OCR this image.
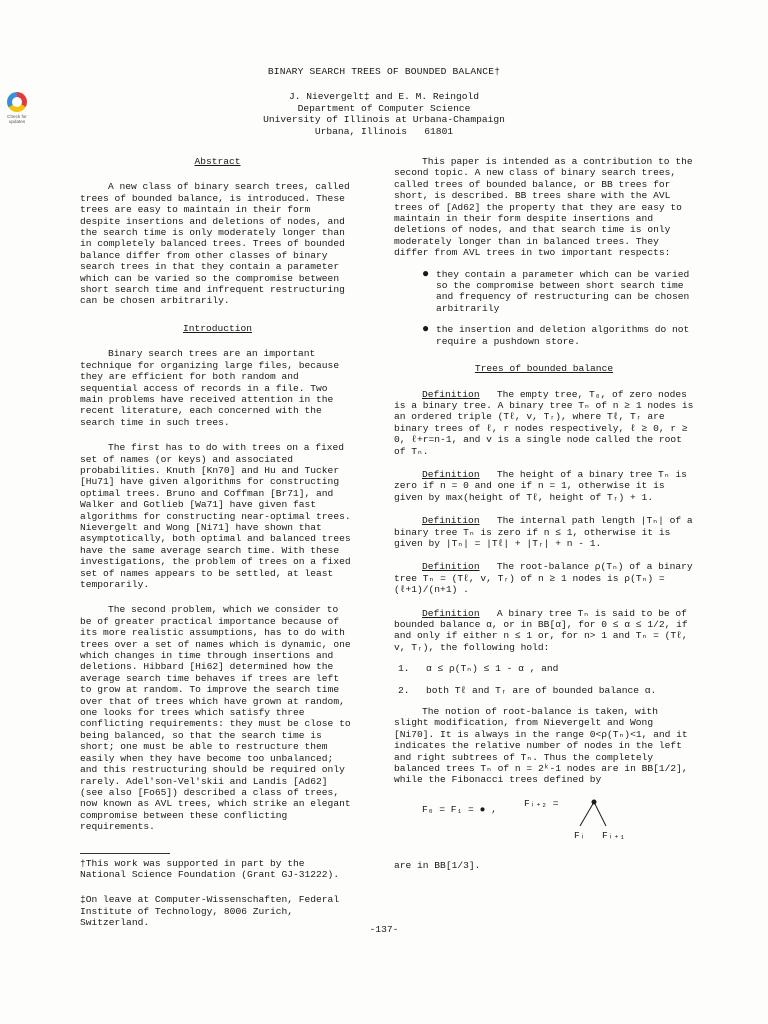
Check for updates
BINARY SEARCH TREES OF BOUNDED BALANCE†
J. Nievergelt‡ and E. M. Reingold
Department of Computer Science
University of Illinois at Urbana-Champaign
Urbana, Illinois   61801
Abstract

A new class of binary search trees, called trees of bounded balance, is introduced. These trees are easy to maintain in their form despite insertions and deletions of nodes, and the search time is only moderately longer than in completely balanced trees. Trees of bounded balance differ from other classes of binary search trees in that they contain a parameter which can be varied so the compromise between short search time and infrequent restructuring can be chosen arbitrarily.

Introduction

Binary search trees are an important technique for organizing large files, because they are efficient for both random and sequential access of records in a file. Two main problems have received attention in the recent literature, each concerned with the search time in such trees.

The first has to do with trees on a fixed set of names (or keys) and associated probabilities. Knuth [Kn70] and Hu and Tucker [Hu71] have given algorithms for constructing optimal trees. Bruno and Coffman [Br71], and Walker and Gotlieb [Wa71] have given fast algorithms for constructing near-optimal trees. Nievergelt and Wong [Ni71] have shown that asymptotically, both optimal and balanced trees have the same average search time. With these investigations, the problem of trees on a fixed set of names appears to be settled, at least temporarily.

The second problem, which we consider to be of greater practical importance because of its more realistic assumptions, has to do with trees over a set of names which is dynamic, one which changes in time through insertions and deletions. Hibbard [Hi62] determined how the average search time behaves if trees are left to grow at random. To improve the search time over that of trees which have grown at random, one looks for trees which satisfy three conflicting requirements: they must be close to being balanced, so that the search time is short; one must be able to restructure them easily when they have become too unbalanced; and this restructuring should be required only rarely. Adel'son-Vel'skii and Landis [Ad62] (see also [Fo65]) described a class of trees, now known as AVL trees, which strike an elegant compromise between these conflicting requirements.

†This work was supported in part by the National Science Foundation (Grant GJ-31222).

‡On leave at Computer-Wissenschaften, Federal Institute of Technology, 8006 Zurich, Switzerland.

This paper is intended as a contribution to the second topic. A new class of binary search trees, called trees of bounded balance, or BB trees for short, is described. BB trees share with the AVL trees of [Ad62] the property that they are easy to maintain in their form despite insertions and deletions of nodes, and that search time is only moderately longer than in balanced trees. They differ from AVL trees in two important respects:

● they contain a parameter which can be varied so the compromise between short search time and frequency of restructuring can be chosen arbitrarily
● the insertion and deletion algorithms do not require a pushdown store.
Trees of bounded balance

Definition The empty tree, T₀, of zero nodes is a binary tree. A binary tree Tₙ of n ≥ 1 nodes is an ordered triple (Tℓ, v, Tᵣ), where Tℓ, Tᵣ are binary trees of ℓ, r nodes respectively, ℓ ≥ 0, r ≥ 0, ℓ+r=n-1, and v is a single node called the root of Tₙ.

Definition The height of a binary tree Tₙ is zero if n = 0 and one if n = 1, otherwise it is given by max(height of Tℓ, height of Tᵣ) + 1.

Definition The internal path length |Tₙ| of a binary tree Tₙ is zero if n ≤ 1, otherwise it is given by |Tₙ| = |Tℓ| + |Tᵣ| + n - 1.

Definition The root-balance ρ(Tₙ) of a binary tree Tₙ = (Tℓ, v, Tᵣ) of n ≥ 1 nodes is ρ(Tₙ) = (ℓ+1)/(n+1) .

Definition A binary tree Tₙ is said to be of bounded balance α, or in BB[α], for 0 ≤ α ≤ 1/2, if and only if either n ≤ 1 or, for n> 1 and Tₙ = (Tℓ, v, Tᵣ), the following hold:

1.	α ≤ ρ(Tₙ) ≤ 1 - α , and
2.	both Tℓ and Tᵣ are of bounded balance α.

The notion of root-balance is taken, with slight modification, from Nievergelt and Wong [Ni70]. It is always in the range 0<ρ(Tₙ)<1, and it indicates the relative number of nodes in the left and right subtrees of Tₙ. Thus the completely balanced trees Tₙ of n = 2ᵏ-1 nodes are in BB[1/2], while the Fibonacci trees defined by

F₀ = F₁ = ● ,
Fᵢ₊₂ =
Fᵢ Fᵢ₊₁

are in BB[1/3].

-137-
